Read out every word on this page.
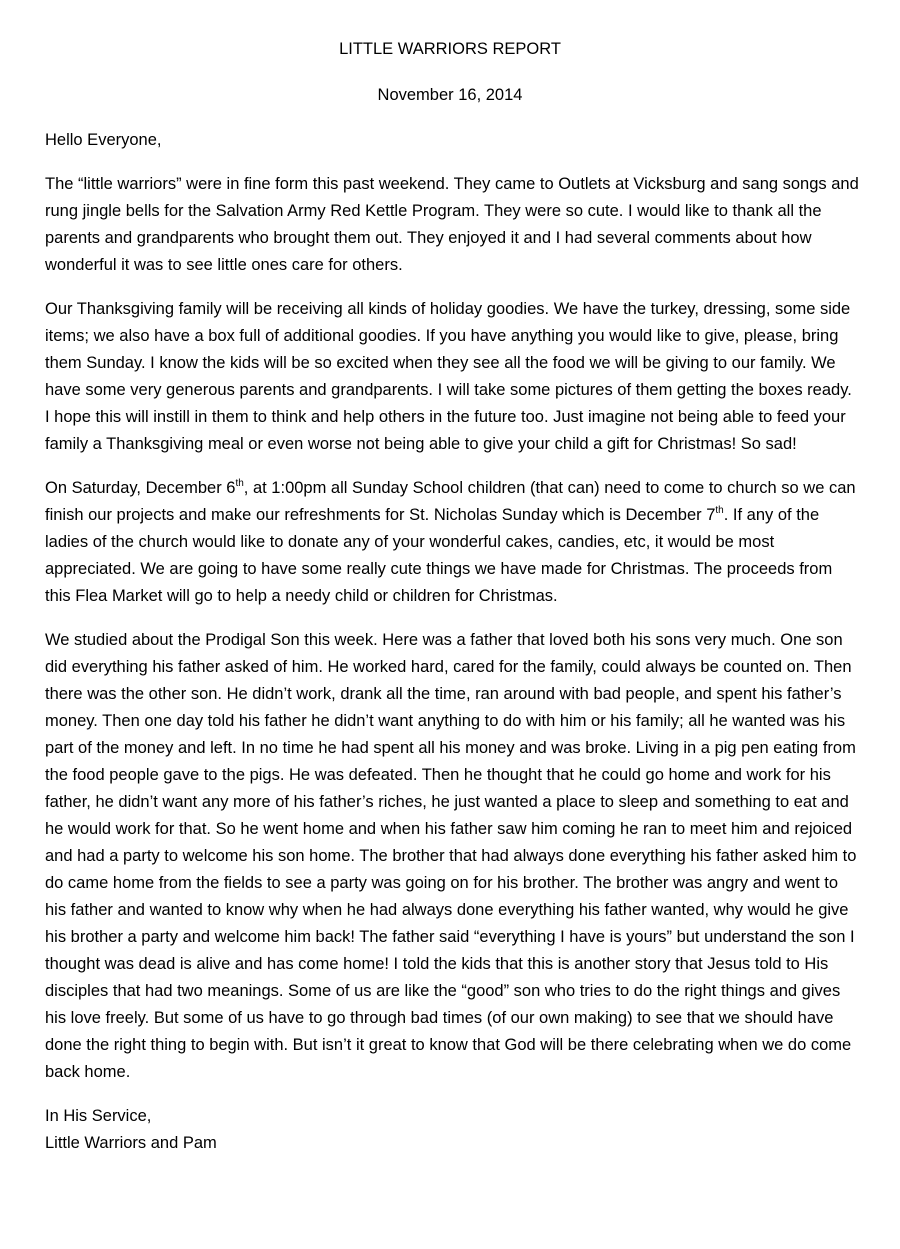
LITTLE WARRIORS REPORT
November 16, 2014

Hello Everyone,

The “little warriors” were in fine form this past weekend. They came to Outlets at Vicksburg and sang songs and rung jingle bells for the Salvation Army Red Kettle Program. They were so cute. I would like to thank all the parents and grandparents who brought them out. They enjoyed it and I had several comments about how wonderful it was to see little ones care for others.

Our Thanksgiving family will be receiving all kinds of holiday goodies. We have the turkey, dressing, some side items; we also have a box full of additional goodies. If you have anything you would like to give, please, bring them Sunday. I know the kids will be so excited when they see all the food we will be giving to our family. We have some very generous parents and grandparents. I will take some pictures of them getting the boxes ready. I hope this will instill in them to think and help others in the future too. Just imagine not being able to feed your family a Thanksgiving meal or even worse not being able to give your child a gift for Christmas! So sad!

On Saturday, December 6th, at 1:00pm all Sunday School children (that can) need to come to church so we can finish our projects and make our refreshments for St. Nicholas Sunday which is December 7th. If any of the ladies of the church would like to donate any of your wonderful cakes, candies, etc, it would be most appreciated. We are going to have some really cute things we have made for Christmas. The proceeds from this Flea Market will go to help a needy child or children for Christmas.

We studied about the Prodigal Son this week. Here was a father that loved both his sons very much. One son did everything his father asked of him. He worked hard, cared for the family, could always be counted on. Then there was the other son. He didn’t work, drank all the time, ran around with bad people, and spent his father’s money. Then one day told his father he didn’t want anything to do with him or his family; all he wanted was his part of the money and left. In no time he had spent all his money and was broke. Living in a pig pen eating from the food people gave to the pigs. He was defeated. Then he thought that he could go home and work for his father, he didn’t want any more of his father’s riches, he just wanted a place to sleep and something to eat and he would work for that. So he went home and when his father saw him coming he ran to meet him and rejoiced and had a party to welcome his son home. The brother that had always done everything his father asked him to do came home from the fields to see a party was going on for his brother. The brother was angry and went to his father and wanted to know why when he had always done everything his father wanted, why would he give his brother a party and welcome him back! The father said “everything I have is yours” but understand the son I thought was dead is alive and has come home! I told the kids that this is another story that Jesus told to His disciples that had two meanings. Some of us are like the “good” son who tries to do the right things and gives his love freely. But some of us have to go through bad times (of our own making) to see that we should have done the right thing to begin with. But isn’t it great to know that God will be there celebrating when we do come back home.

In His Service,
Little Warriors and Pam
